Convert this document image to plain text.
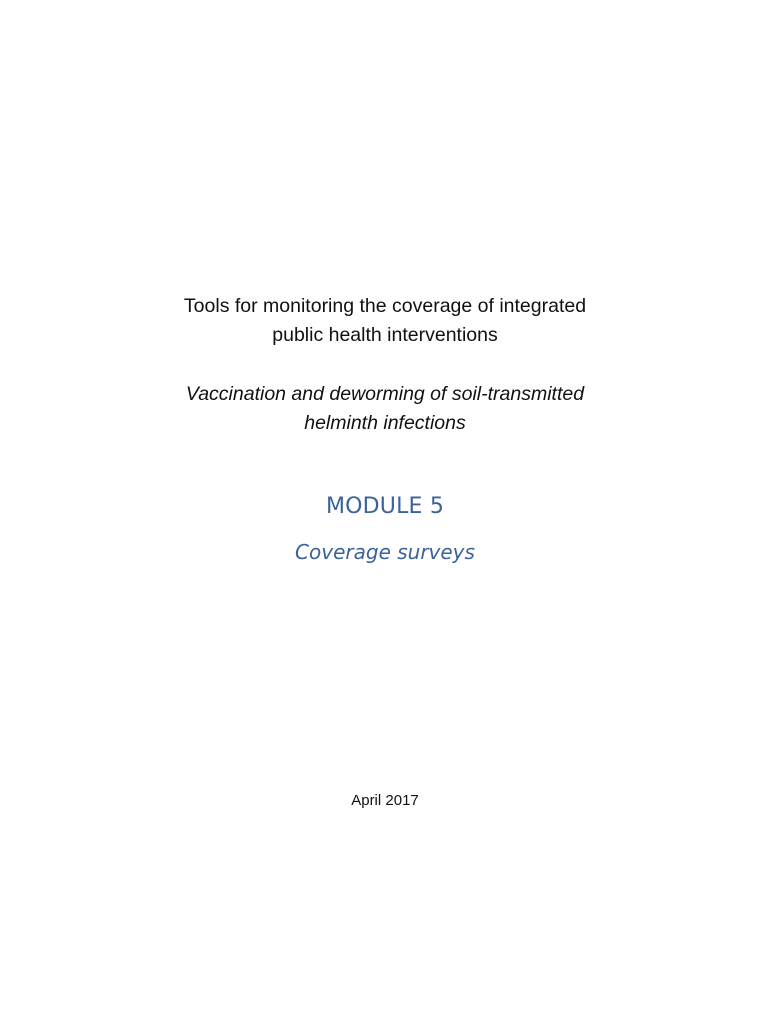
Tools for monitoring the coverage of integrated
public health interventions
Vaccination and deworming of soil-transmitted
helminth infections
MODULE 5
Coverage surveys
April 2017
